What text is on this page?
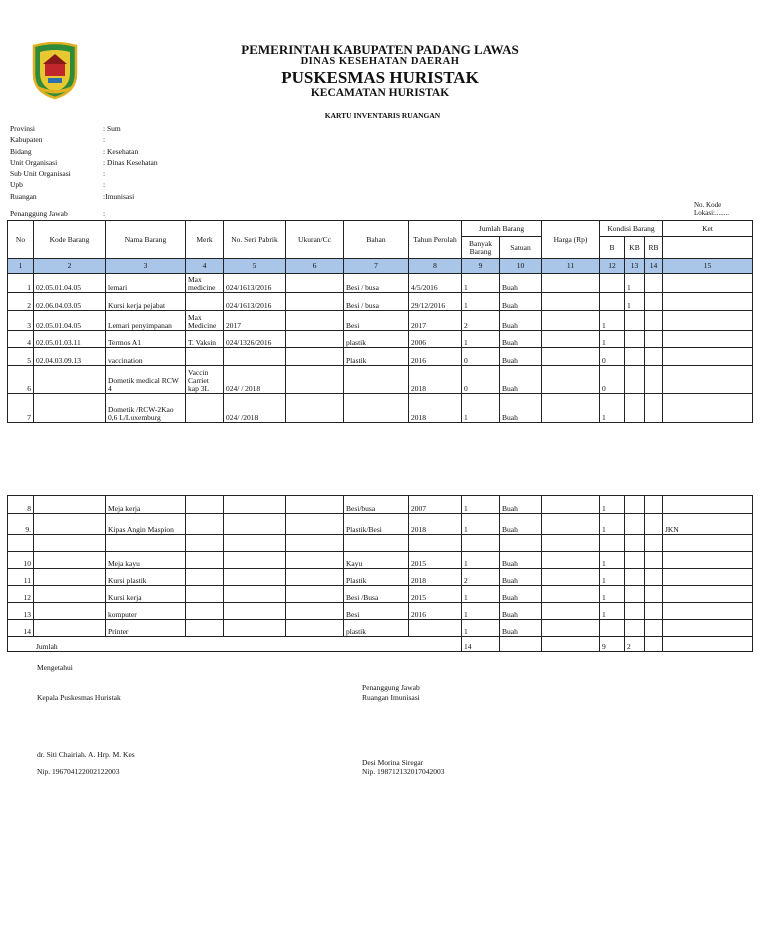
PEMERINTAH KABUPATEN PADANG LAWAS
DINAS KESEHATAN DAERAH
PUSKESMAS HURISTAK
KECAMATAN HURISTAK
KARTU INVENTARIS RUANGAN
Provinsi	: Sum
Kabupaten	:
Bidang	: Kesehatan
Unit Organisasi	: Dinas Kesehatan
Sub Unit Organisasi	:
Upb	:
Ruangan	:Imunisasi
Penanggung Jawab	:
No. Kode
Lokasi:........
No	Kode Barang	Nama Barang	Merk	No. Seri Pabrik	Ukuran/Cc	Bahan	Tahun Perolah	Jumlah Barang		Harga (Rp)	Kondisi Barang			Ket
								Banyak Barang	Satuan		B	KB	RB	
1	2	3	4	5	6	7	8	9	10	11	12	13	14	15
1	02.05.01.04.05	lemari	Max medicine	024/1613/2016		Besi / busa	4/5/2016	1	Buah			1		
2	02.06.04.03.05	Kursi kerja pejabat		024/1613/2016		Besi / busa	29/12/2016	1	Buah			1		
3	02.05.01.04.05	Lemari penyimpanan	Max Medicine	2017		Besi	2017	2	Buah		1			
4	02.05.01.03.11	Termos A1	T. Vaksin	024/1326/2016		plastik	2006	1	Buah		1			
5	02.04.03.09.13	vaccination				Plastik	2016	0	Buah		0			
6		Dometik medical RCW 4	Vaccin Carriet kap 3L	024/ / 2018			2018	0	Buah		0			
7		Dometik /RCW-2Kao 0,6 L/Luxemburg		024/ /2018			2018	1	Buah		1			
8		Meja kerja				Besi/busa	2007	1	Buah		1			
9.		Kipas Angin Maspion				Plastik/Besi	2018	1	Buah		1			JKN

10		Meja kayu				Kayu	2015	1	Buah		1			
11		Kursi plastik				Plastik	2018	2	Buah		1			
12		Kursi kerja				Besi /Busa	2015	1	Buah		1			
13		komputer				Besi	2016	1	Buah		1			
14		Printer				plastik		1	Buah					
Jumlah								14			9	2		
Mengetahui
Kepala Puskesmas Huristak
dr. Siti Chairiah. A. Hrp. M. Kes
Nip. 196704122002122003
Penanggung Jawab
Ruangan Imunisasi
Desi Morina Siregar
Nip. 198712132017042003
